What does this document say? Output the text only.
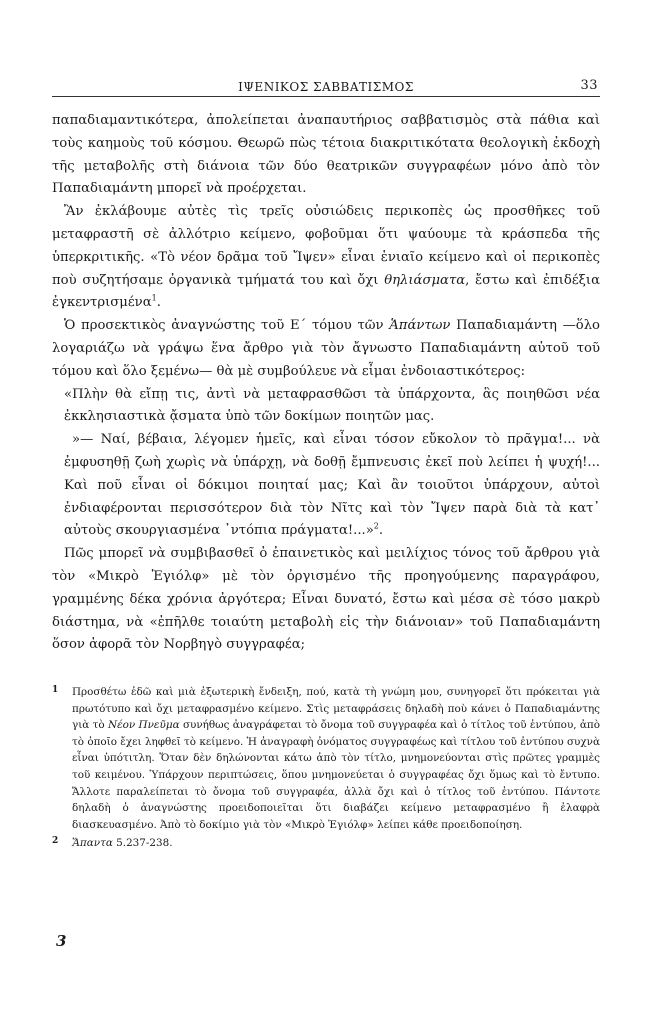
ΙΨΕΝΙΚΟΣ ΣΑΒΒΑΤΙΣΜΟΣ	33

παπαδιαμαντικότερα, ἀπολείπεται ἀναπαυτήριος σαββατισμὸς στὰ πάθια καὶ τοὺς καημοὺς τοῦ κόσμου. Θεωρῶ πὼς τέτοια διακριτικότατα θεολογικὴ ἐκδοχὴ τῆς μεταβολῆς στὴ διάνοια τῶν δύο θεατρικῶν συγγραφέων μόνο ἀπὸ τὸν Παπαδιαμάντη μπορεῖ νὰ προέρχεται.

Ἂν ἐκλάβουμε αὐτὲς τὶς τρεῖς οὐσιώδεις περικοπὲς ὡς προσθῆκες τοῦ μεταφραστῆ σὲ ἀλλότριο κείμενο, φοβοῦμαι ὅτι ψαύουμε τὰ κράσπεδα τῆς ὑπερκριτικῆς. «Τὸ νέον δρᾶμα τοῦ Ἴψεν» εἶναι ἑνιαῖο κείμενο καὶ οἱ περικοπὲς ποὺ συζητήσαμε ὀργανικὰ τμήματά του καὶ ὄχι θηλιάσματα, ἔστω καὶ ἐπιδέξια ἐγκεντρισμένα$^1$.

Ὁ προσεκτικὸς ἀναγνώστης τοῦ Ε΄ τόμου τῶν Ἁπάντων Παπαδιαμάντη —ὅλο λογαριάζω νὰ γράψω ἕνα ἄρθρο γιὰ τὸν ἄγνωστο Παπαδιαμάντη αὐτοῦ τοῦ τόμου καὶ ὅλο ξεμένω— θὰ μὲ συμβούλευε νὰ εἶμαι ἐνδοιαστικότερος:

«Πλὴν θὰ εἴπῃ τις, ἀντὶ νὰ μεταφρασθῶσι τὰ ὑπάρχοντα, ἃς ποιηθῶσι νέα ἐκκλησιαστικὰ ᾄσματα ὑπὸ τῶν δοκίμων ποιητῶν μας.

»— Ναί, βέβαια, λέγομεν ἡμεῖς, καὶ εἶναι τόσον εὔκολον τὸ πρᾶγμα!... νὰ ἐμφυσηθῇ ζωὴ χωρὶς νὰ ὑπάρχῃ, νὰ δοθῇ ἔμπνευσις ἐκεῖ ποὺ λείπει ἡ ψυχή!... Καὶ ποῦ εἶναι οἱ δόκιμοι ποιηταί μας; Καὶ ἂν τοιοῦτοι ὑπάρχουν, αὐτοὶ ἐνδιαφέρονται περισσότερον διὰ τὸν Νῖτς καὶ τὸν Ἴψεν παρὰ διὰ τὰ κατ᾽ αὐτοὺς σκουργιασμένα ᾽ντόπια πράγματα!...»$^2$.

Πῶς μπορεῖ νὰ συμβιβασθεῖ ὁ ἐπαινετικὸς καὶ μειλίχιος τόνος τοῦ ἄρθρου γιὰ τὸν «Μικρὸ Ἐγιόλφ» μὲ τὸν ὀργισμένο τῆς προηγούμενης παραγράφου, γραμμένης δέκα χρόνια ἀργότερα; Εἶναι δυνατό, ἔστω καὶ μέσα σὲ τόσο μακρὺ διάστημα, νὰ «ἐπῆλθε τοιαύτη μεταβολὴ εἰς τὴν διάνοιαν» τοῦ Παπαδιαμάντη ὅσον ἀφορᾶ τὸν Νορβηγὸ συγγραφέα;

1 Προσθέτω ἐδῶ καὶ μιὰ ἐξωτερικὴ ἔνδειξη, πού, κατὰ τὴ γνώμη μου, συνηγορεῖ ὅτι πρόκειται γιὰ πρωτότυπο καὶ ὄχι μεταφρασμένο κείμενο. Στὶς μεταφράσεις δηλαδὴ ποὺ κάνει ὁ Παπαδιαμάντης γιὰ τὸ Νέον Πνεῦμα συνήθως ἀναγράφεται τὸ ὄνομα τοῦ συγγραφέα καὶ ὁ τίτλος τοῦ ἐντύπου, ἀπὸ τὸ ὁποῖο ἔχει ληφθεῖ τὸ κείμενο. Ἡ ἀναγραφὴ ὀνόματος συγγραφέως καὶ τίτλου τοῦ ἐντύπου συχνὰ εἶναι ὑπότιτλη. Ὅταν δὲν δηλώνονται κάτω ἀπὸ τὸν τίτλο, μνημονεύονται στὶς πρῶτες γραμμὲς τοῦ κειμένου. Ὑπάρχουν περιπτώσεις, ὅπου μνημονεύεται ὁ συγγραφέας ὄχι ὅμως καὶ τὸ ἔντυπο. Ἄλλοτε παραλείπεται τὸ ὄνομα τοῦ συγγραφέα, ἀλλὰ ὄχι καὶ ὁ τίτλος τοῦ ἐντύπου. Πάντοτε δηλαδὴ ὁ ἀναγνώστης προειδοποιεῖται ὅτι διαβάζει κείμενο μεταφρασμένο ἢ ἐλαφρὰ διασκευασμένο. Ἀπὸ τὸ δοκίμιο γιὰ τὸν «Μικρὸ Ἐγιόλφ» λείπει κάθε προειδοποίηση.

2 Ἅπαντα 5.237-238.

3
